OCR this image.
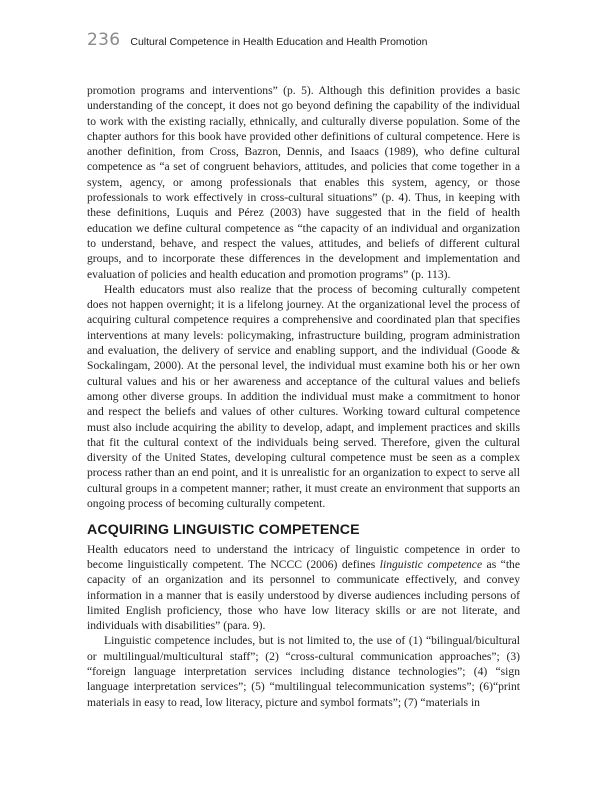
236 Cultural Competence in Health Education and Health Promotion

promotion programs and interventions” (p. 5). Although this definition provides a basic understanding of the concept, it does not go beyond defining the capability of the individual to work with the existing racially, ethnically, and culturally diverse population. Some of the chapter authors for this book have provided other definitions of cultural competence. Here is another definition, from Cross, Bazron, Dennis, and Isaacs (1989), who define cultural competence as “a set of congruent behaviors, attitudes, and policies that come together in a system, agency, or among professionals that enables this system, agency, or those professionals to work effectively in cross-cultural situations” (p. 4). Thus, in keeping with these definitions, Luquis and Pérez (2003) have suggested that in the field of health education we define cultural competence as “the capacity of an individual and organization to understand, behave, and respect the values, attitudes, and beliefs of different cultural groups, and to incorporate these differences in the development and implementation and evaluation of policies and health education and promotion programs” (p. 113).

Health educators must also realize that the process of becoming culturally competent does not happen overnight; it is a lifelong journey. At the organizational level the process of acquiring cultural competence requires a comprehensive and coordinated plan that specifies interventions at many levels: policymaking, infrastructure building, program administration and evaluation, the delivery of service and enabling support, and the individual (Goode & Sockalingam, 2000). At the personal level, the individual must examine both his or her own cultural values and his or her awareness and acceptance of the cultural values and beliefs among other diverse groups. In addition the individual must make a commitment to honor and respect the beliefs and values of other cultures. Working toward cultural competence must also include acquiring the ability to develop, adapt, and implement practices and skills that fit the cultural context of the individuals being served. Therefore, given the cultural diversity of the United States, developing cultural competence must be seen as a complex process rather than an end point, and it is unrealistic for an organization to expect to serve all cultural groups in a competent manner; rather, it must create an environment that supports an ongoing process of becoming culturally competent.

ACQUIRING LINGUISTIC COMPETENCE

Health educators need to understand the intricacy of linguistic competence in order to become linguistically competent. The NCCC (2006) defines linguistic competence as “the capacity of an organization and its personnel to communicate effectively, and convey information in a manner that is easily understood by diverse audiences including persons of limited English proficiency, those who have low literacy skills or are not literate, and individuals with disabilities” (para. 9).

Linguistic competence includes, but is not limited to, the use of (1) “bilingual/bicultural or multilingual/multicultural staff”; (2) “cross-cultural communication approaches”; (3) “foreign language interpretation services including distance technologies”; (4) “sign language interpretation services”; (5) “multilingual telecommunication systems”; (6)“print materials in easy to read, low literacy, picture and symbol formats”; (7) “materials in
